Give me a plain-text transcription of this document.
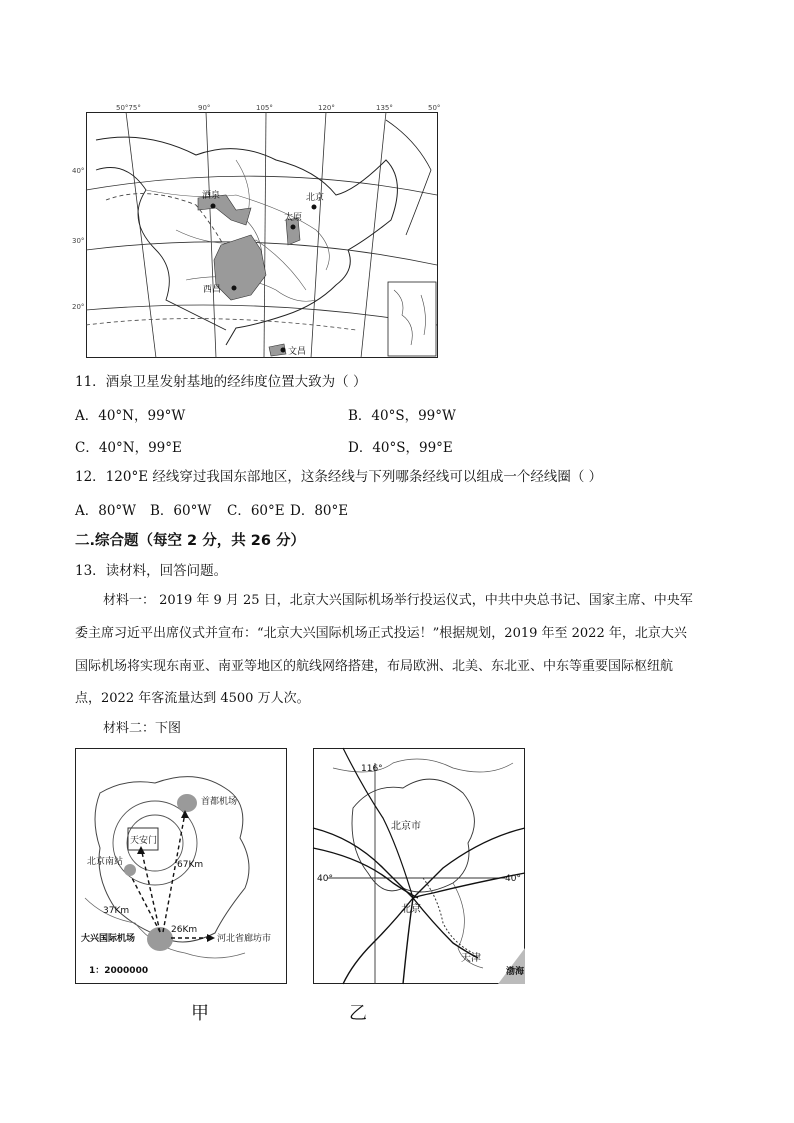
50°75°	90°	105°	120°	135°	50°
酒泉	北京
太原
西昌
文昌
40°
30°
20°
11．酒泉卫星发射基地的经纬度位置大致为（ ）
A．40°N，99°W	B．40°S，99°W
C．40°N，99°E	D．40°S，99°E
12．120°E 经线穿过我国东部地区，这条经线与下列哪条经线可以组成一个经线圈（ ）
A．80°W B．60°W C．60°E D．80°E
二.综合题（每空 2 分，共 26 分）
13．读材料，回答问题。
材料一： 2019 年 9 月 25 日，北京大兴国际机场举行投运仪式，中共中央总书记、国家主席、中央军
委主席习近平出席仪式并宣布：“北京大兴国际机场正式投运！”根据规划，2019 年至 2022 年，北京大兴
国际机场将实现东南亚、南亚等地区的航线网络搭建，布局欧洲、北美、东北亚、中东等重要国际枢纽航
点，2022 年客流量达到 4500 万人次。
材料二：下图
首都机场
天安门
北京南站	67Km
37Km
26Km
大兴国际机场	河北省廊坊市
1：2000000
116°
北京市
40°	40°
北京
天津
渤海
甲	乙
